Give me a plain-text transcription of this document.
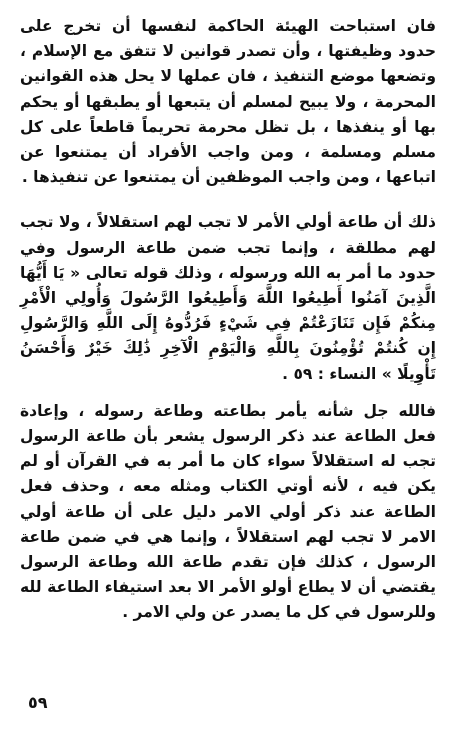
فان استباحت الهيئة الحاكمة لنفسها أن تخرج على حدود وظيفتها ، وأن تصدر قوانين لا تتفق مع الإسلام ، وتضعها موضع التنفيذ ، فان عملها لا يحل هذه القوانين المحرمة ، ولا يبيح لمسلم أن يتبعها أو يطبقها أو يحكم بها أو ينفذها ، بل تظل محرمة تحريماً قاطعاً على كل مسلم ومسلمة ، ومن واجب الأفراد أن يمتنعوا عن اتباعها ، ومن واجب الموظفين أن يمتنعوا عن تنفيذها .

ذلك أن طاعة أولي الأمر لا تجب لهم استقلالاً ، ولا تجب لهم مطلقة ، وإنما تجب ضمن طاعة الرسول وفي حدود ما أمر به الله ورسوله ، وذلك قوله تعالى « يَا أَيُّهَا الَّذِينَ آمَنُوا أَطِيعُوا اللَّهَ وَأَطِيعُوا الرَّسُولَ وَأُولِي الْأَمْرِ مِنكُمْ فَإِن تَنَازَعْتُمْ فِي شَيْءٍ فَرُدُّوهُ إِلَى اللَّهِ وَالرَّسُولِ إِن كُنتُمْ تُؤْمِنُونَ بِاللَّهِ وَالْيَوْمِ الْآخِرِ ذَٰلِكَ خَيْرٌ وَأَحْسَنُ تَأْوِيلًا » النساء : ٥٩ .

فالله جل شأنه يأمر بطاعته وطاعة رسوله ، وإعادة فعل الطاعة عند ذكر الرسول يشعر بأن طاعة الرسول تجب له استقلالاً سواء كان ما أمر به في القرآن أو لم يكن فيه ، لأنه أوتي الكتاب ومثله معه ، وحذف فعل الطاعة عند ذكر أولي الامر دليل على أن طاعة أولي الامر لا تجب لهم استقلالاً ، وإنما هي في ضمن طاعة الرسول ، كذلك فإن تقدم طاعة الله وطاعة الرسول يقتضي أن لا يطاع أولو الأمر الا بعد استيفاء الطاعة لله وللرسول في كل ما يصدر عن ولي الامر .

٥٩
